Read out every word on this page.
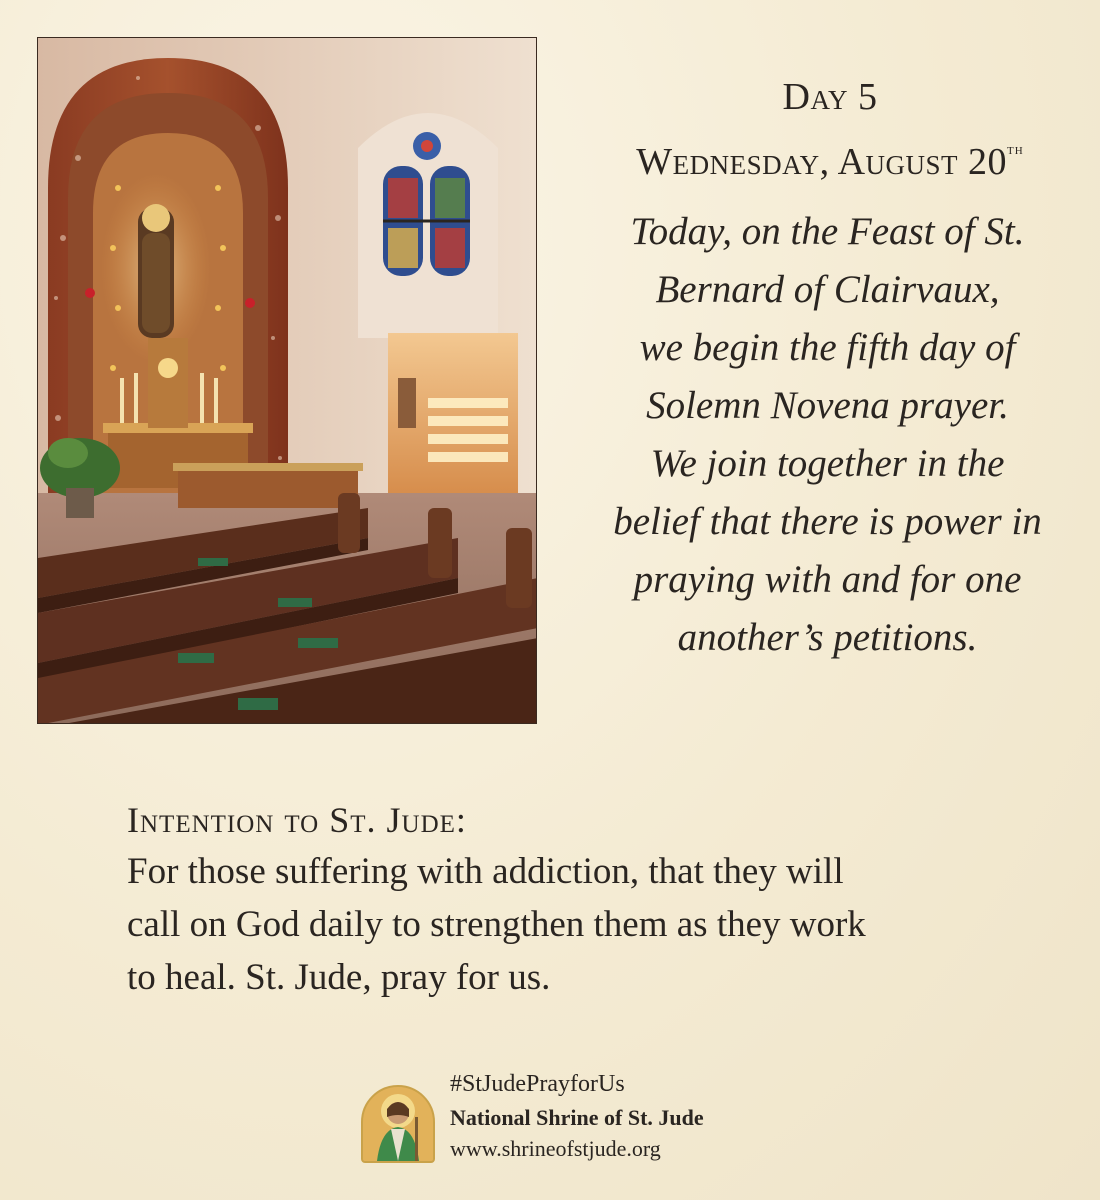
Day 5
Wednesday, August 20th
Today, on the Feast of St.
Bernard of Clairvaux,
we begin the fifth day of
Solemn Novena prayer.
We join together in the
belief that there is power in
praying with and for one
another’s petitions.
Intention to St. Jude:
For those suffering with addiction, that they will
call on God daily to strengthen them as they work
to heal. St. Jude, pray for us.
#StJudePrayforUs
National Shrine of St. Jude
www.shrineofstjude.org
